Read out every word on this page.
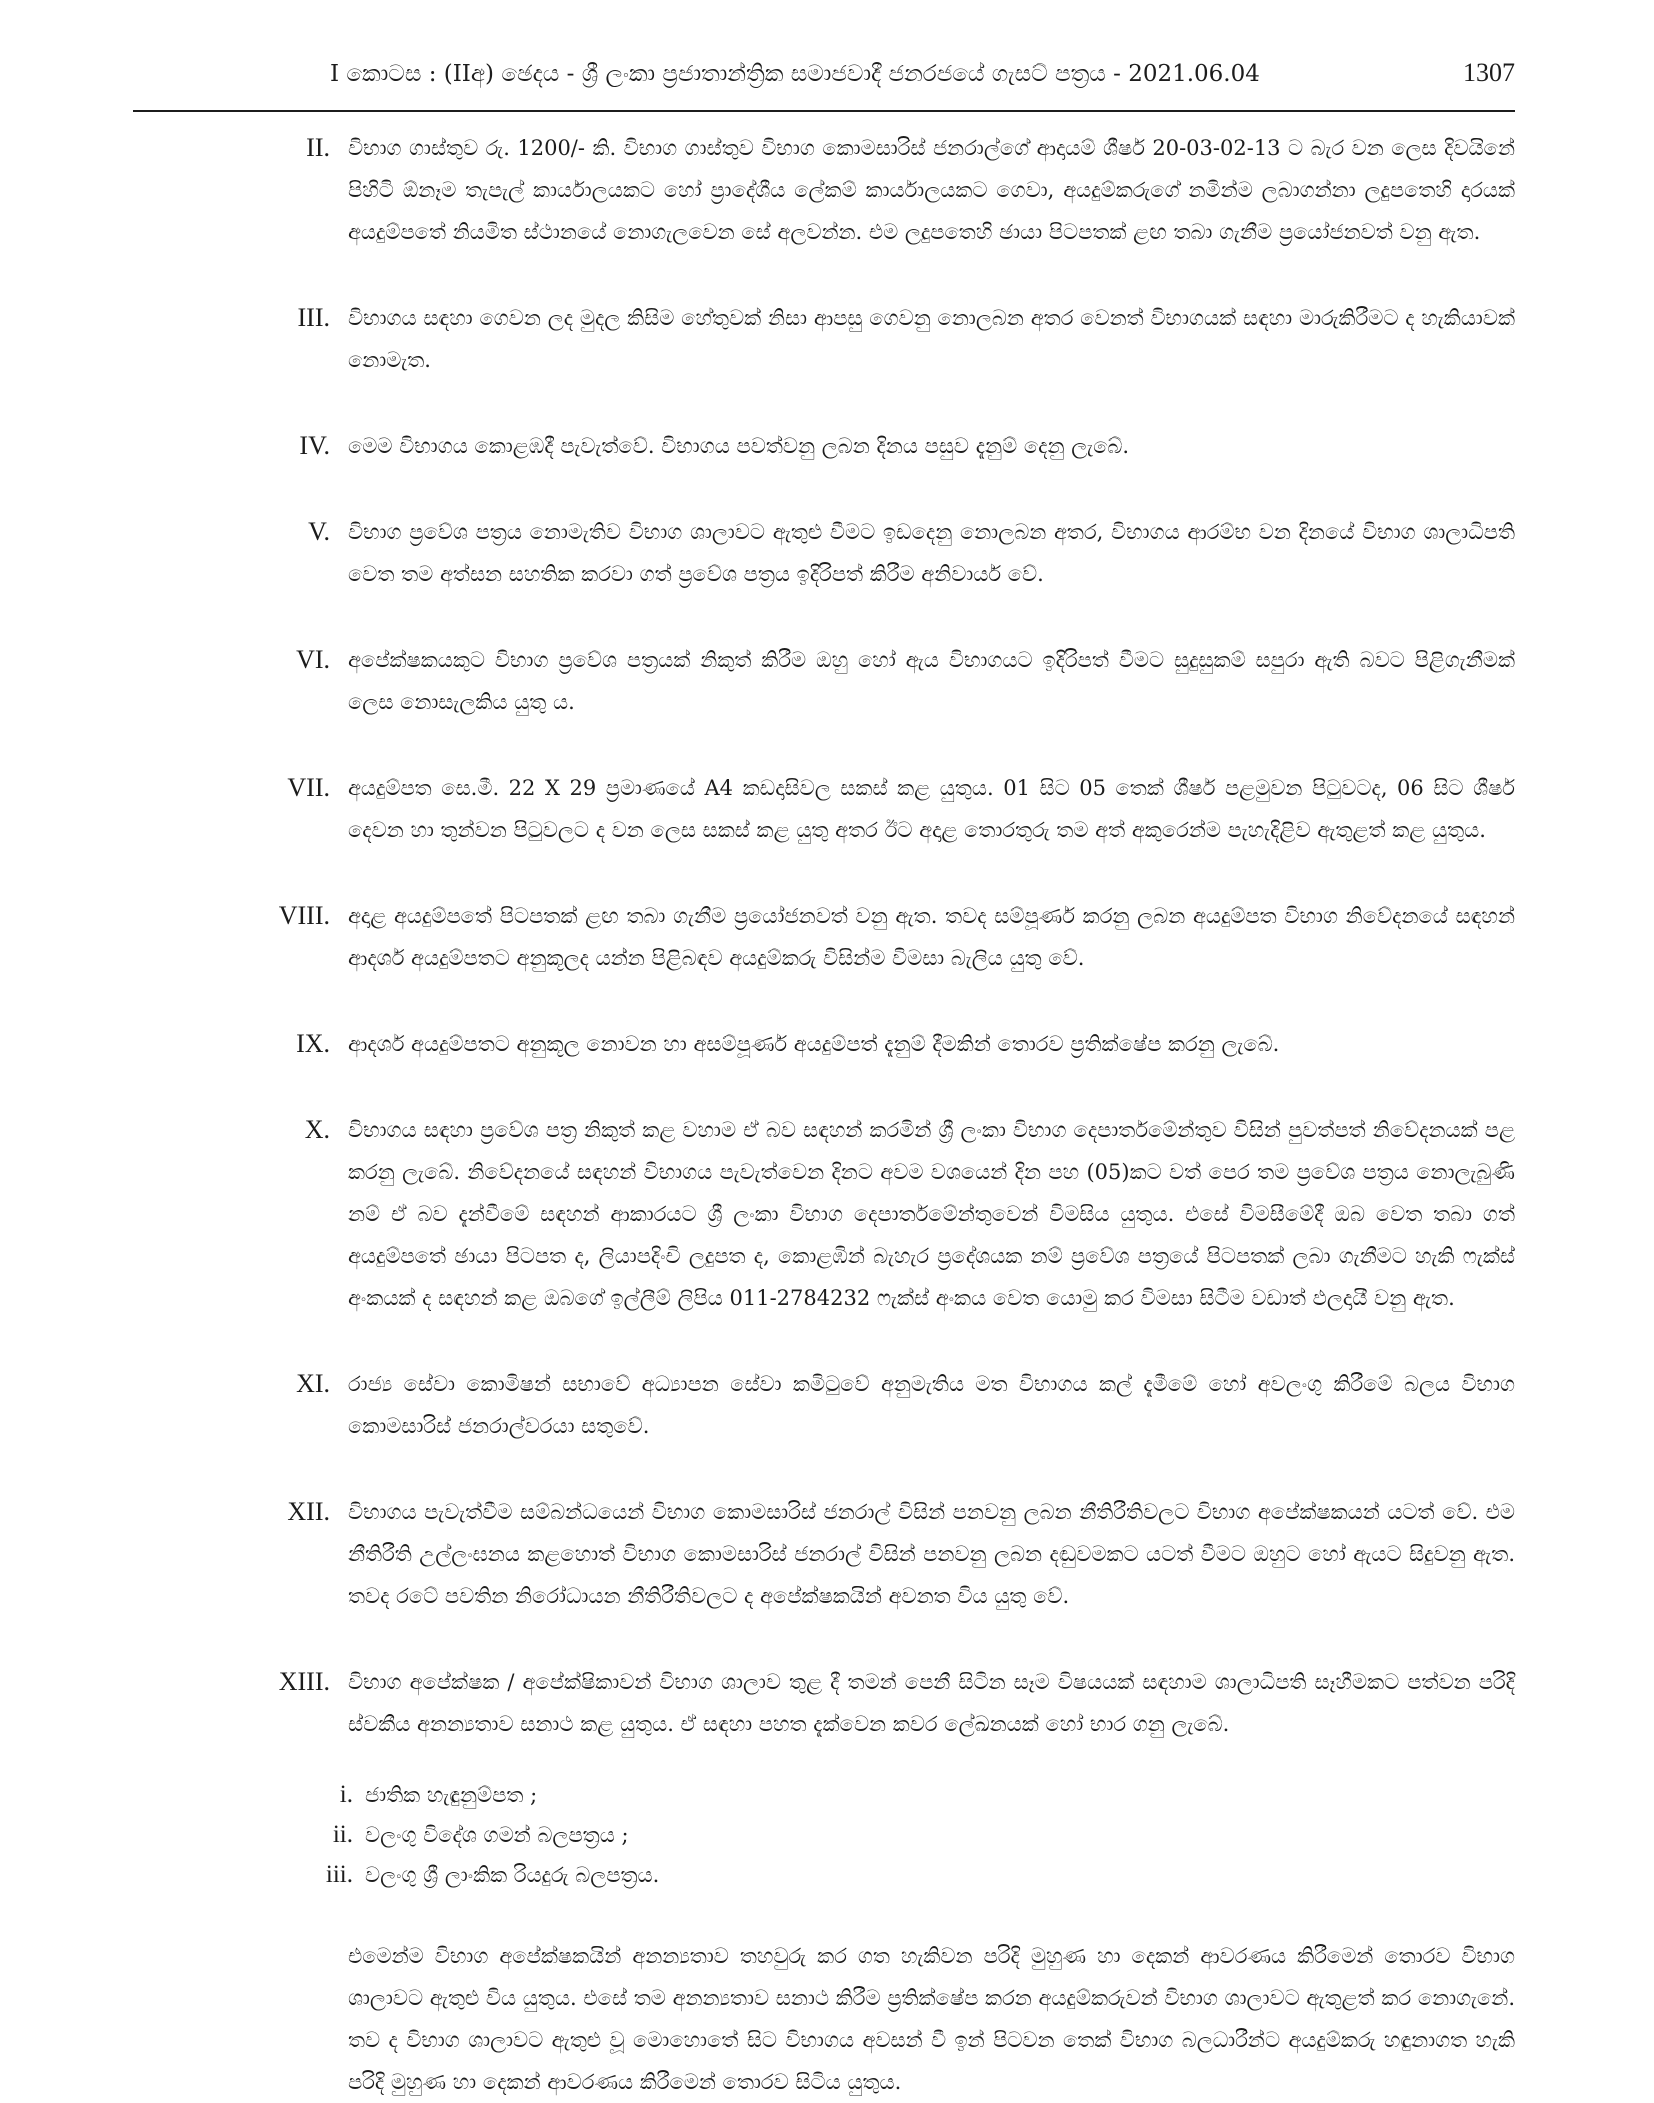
I කොටස : (IIඅ) ඡෙදය - ශ්‍රී ලංකා ප්‍රජාතාන්ත්‍රික සමාජවාදී ජනරජයේ ගැසට් පත්‍රය - 2021.06.04	1307
II. විභාග ගාස්තුව රු. 1200/- කි. විභාග ගාස්තුව විභාග කොමසාරිස් ජනරාල්ගේ ආදායම් ශීර්ෂ 20-03-02-13 ට බැර වන ලෙස දිවයිනේ පිහිටි ඕනෑම තැපැල් කාර්යාලයකට හෝ ප්‍රාදේශීය ලේකම් කාර්යාලයකට ගෙවා, අයදුම්කරුගේ නමින්ම ලබාගන්නා ලදුපතෙහි දාරයක් අයදුම්පතේ නියමිත ස්ථානයේ නොගැලවෙන සේ අලවන්න. එම ලදුපතෙහි ඡායා පිටපතක් ළඟ තබා ගැනීම ප්‍රයෝජනවත් වනු ඇත.
III. විභාගය සඳහා ගෙවන ලද මුදල කිසිම හේතුවක් නිසා ආපසු ගෙවනු නොලබන අතර වෙනත් විභාගයක් සඳහා මාරුකිරීමට ද හැකියාවක් නොමැත.
IV. මෙම විභාගය කොළඹදී පැවැත්වේ. විභාගය පවත්වනු ලබන දිනය පසුව දැනුම් දෙනු ලැබේ.
V. විභාග ප්‍රවේශ පත්‍රය නොමැතිව විභාග ශාලාවට ඇතුළු වීමට ඉඩදෙනු නොලබන අතර, විභාගය ආරම්භ වන දිනයේ විභාග ශාලාධිපති වෙත තම අත්සන සහතික කරවා ගත් ප්‍රවේශ පත්‍රය ඉදිරිපත් කිරීම අනිවාර්ය වේ.
VI. අපේක්ෂකයකුට විභාග ප්‍රවේශ පත්‍රයක් නිකුත් කිරීම ඔහු හෝ ඇය විභාගයට ඉදිරිපත් වීමට සුදුසුකම් සපුරා ඇති බවට පිළිගැනීමක් ලෙස නොසැලකිය යුතු ය.
VII. අයදුම්පත සෙ.මී. 22 X 29 ප්‍රමාණයේ A4 කඩදාසිවල සකස් කළ යුතුය. 01 සිට 05 තෙක් ශීර්ෂ පළමුවන පිටුවටද, 06 සිට ශීර්ෂ දෙවන හා තුන්වන පිටුවලට ද වන ලෙස සකස් කළ යුතු අතර ඊට අදාළ තොරතුරු තම අත් අකුරෙන්ම පැහැදිළිව ඇතුළත් කළ යුතුය.
VIII. අදාළ අයදුම්පතේ පිටපතක් ළඟ තබා ගැනීම ප්‍රයෝජනවත් වනු ඇත. තවද සම්පූර්ණ කරනු ලබන අයදුම්පත විභාග නිවේදනයේ සඳහන් ආදර්ශ අයදුම්පතට අනුකූලද යන්න පිළිබඳව අයදුම්කරු විසින්ම විමසා බැලිය යුතු වේ.
IX. ආදර්ශ අයදුම්පතට අනුකූල නොවන හා අසම්පූර්ණ අයදුම්පත් දැනුම් දීමකින් තොරව ප්‍රතික්ෂේප කරනු ලැබේ.
X. විභාගය සඳහා ප්‍රවේශ පත්‍ර නිකුත් කළ වහාම ඒ බව සඳහන් කරමින් ශ්‍රී ලංකා විභාග දෙපාර්තමේන්තුව විසින් පුවත්පත් නිවේදනයක් පළ කරනු ලැබේ. නිවේදනයේ සඳහන් විභාගය පැවැත්වෙන දිනට අවම වශයෙන් දින පහ (05)කට වත් පෙර තම ප්‍රවේශ පත්‍රය නොලැබුණි නම් ඒ බව දැන්වීමේ සඳහන් ආකාරයට ශ්‍රී ලංකා විභාග දෙපාර්තමේන්තුවෙන් විමසිය යුතුය. එසේ විමසීමේදී ඔබ වෙත තබා ගත් අයදුම්පතේ ඡායා පිටපත ද, ලියාපදිංචි ලදුපත ද, කොළඹින් බැහැර ප්‍රදේශයක නම් ප්‍රවේශ පත්‍රයේ පිටපතක් ලබා ගැනීමට හැකි ෆැක්ස් අංකයක් ද සඳහන් කළ ඔබගේ ඉල්ලීම් ලිපිය 011-2784232 ෆැක්ස් අංකය වෙත යොමු කර විමසා සිටීම වඩාත් ඵලදායී වනු ඇත.
XI. රාජ්‍ය සේවා කොමිෂන් සභාවේ අධ්‍යාපන සේවා කමිටුවේ අනුමැතිය මත විභාගය කල් දැමීමේ හෝ අවලංගු කිරීමේ බලය විභාග කොමසාරිස් ජනරාල්වරයා සතුවේ.
XII. විභාගය පැවැත්වීම සම්බන්ධයෙන් විභාග කොමසාරිස් ජනරාල් විසින් පනවනු ලබන නීතිරීතිවලට විභාග අපේක්ෂකයන් යටත් වේ. එම නීතිරීති උල්ලංඝනය කළහොත් විභාග කොමසාරිස් ජනරාල් විසින් පනවනු ලබන දඬුවමකට යටත් වීමට ඔහුට හෝ ඇයට සිදුවනු ඇත. තවද රටේ පවතින නිරෝධායන නීතිරීතිවලට ද අපේක්ෂකයින් අවනත විය යුතු වේ.
XIII. විභාග අපේක්ෂක / අපේක්ෂිකාවන් විභාග ශාලාව තුළ දී තමන් පෙනී සිටින සෑම විෂයයක් සඳහාම ශාලාධිපති සෑහීමකට පත්වන පරිදි ස්වකීය අනන්‍යතාව සනාථ කළ යුතුය. ඒ සඳහා පහත දැක්වෙන කවර ලේඛනයක් හෝ භාර ගනු ලැබේ.
i. ජාතික හැඳුනුම්පත ;
ii. වලංගු විදේශ ගමන් බලපත්‍රය ;
iii. වලංගු ශ්‍රී ලාංකික රියදුරු බලපත්‍රය.
එමෙන්ම විභාග අපේක්ෂකයින් අනන්‍යතාව තහවුරු කර ගත හැකිවන පරිදි මුහුණ හා දෙකන් ආවරණය කිරීමෙන් තොරව විභාග ශාලාවට ඇතුළු විය යුතුය. එසේ තම අනන්‍යතාව සනාථ කිරීම ප්‍රතික්ෂේප කරන අයදුම්කරුවන් විභාග ශාලාවට ඇතුළත් කර නොගැනේ. තව ද විභාග ශාලාවට ඇතුළු වූ මොහොතේ සිට විභාගය අවසන් වී ඉන් පිටවන තෙක් විභාග බලධාරීන්ට අයදුම්කරු හඳුනාගත හැකි පරිදි මුහුණ හා දෙකන් ආවරණය කිරීමෙන් තොරව සිටිය යුතුය.
